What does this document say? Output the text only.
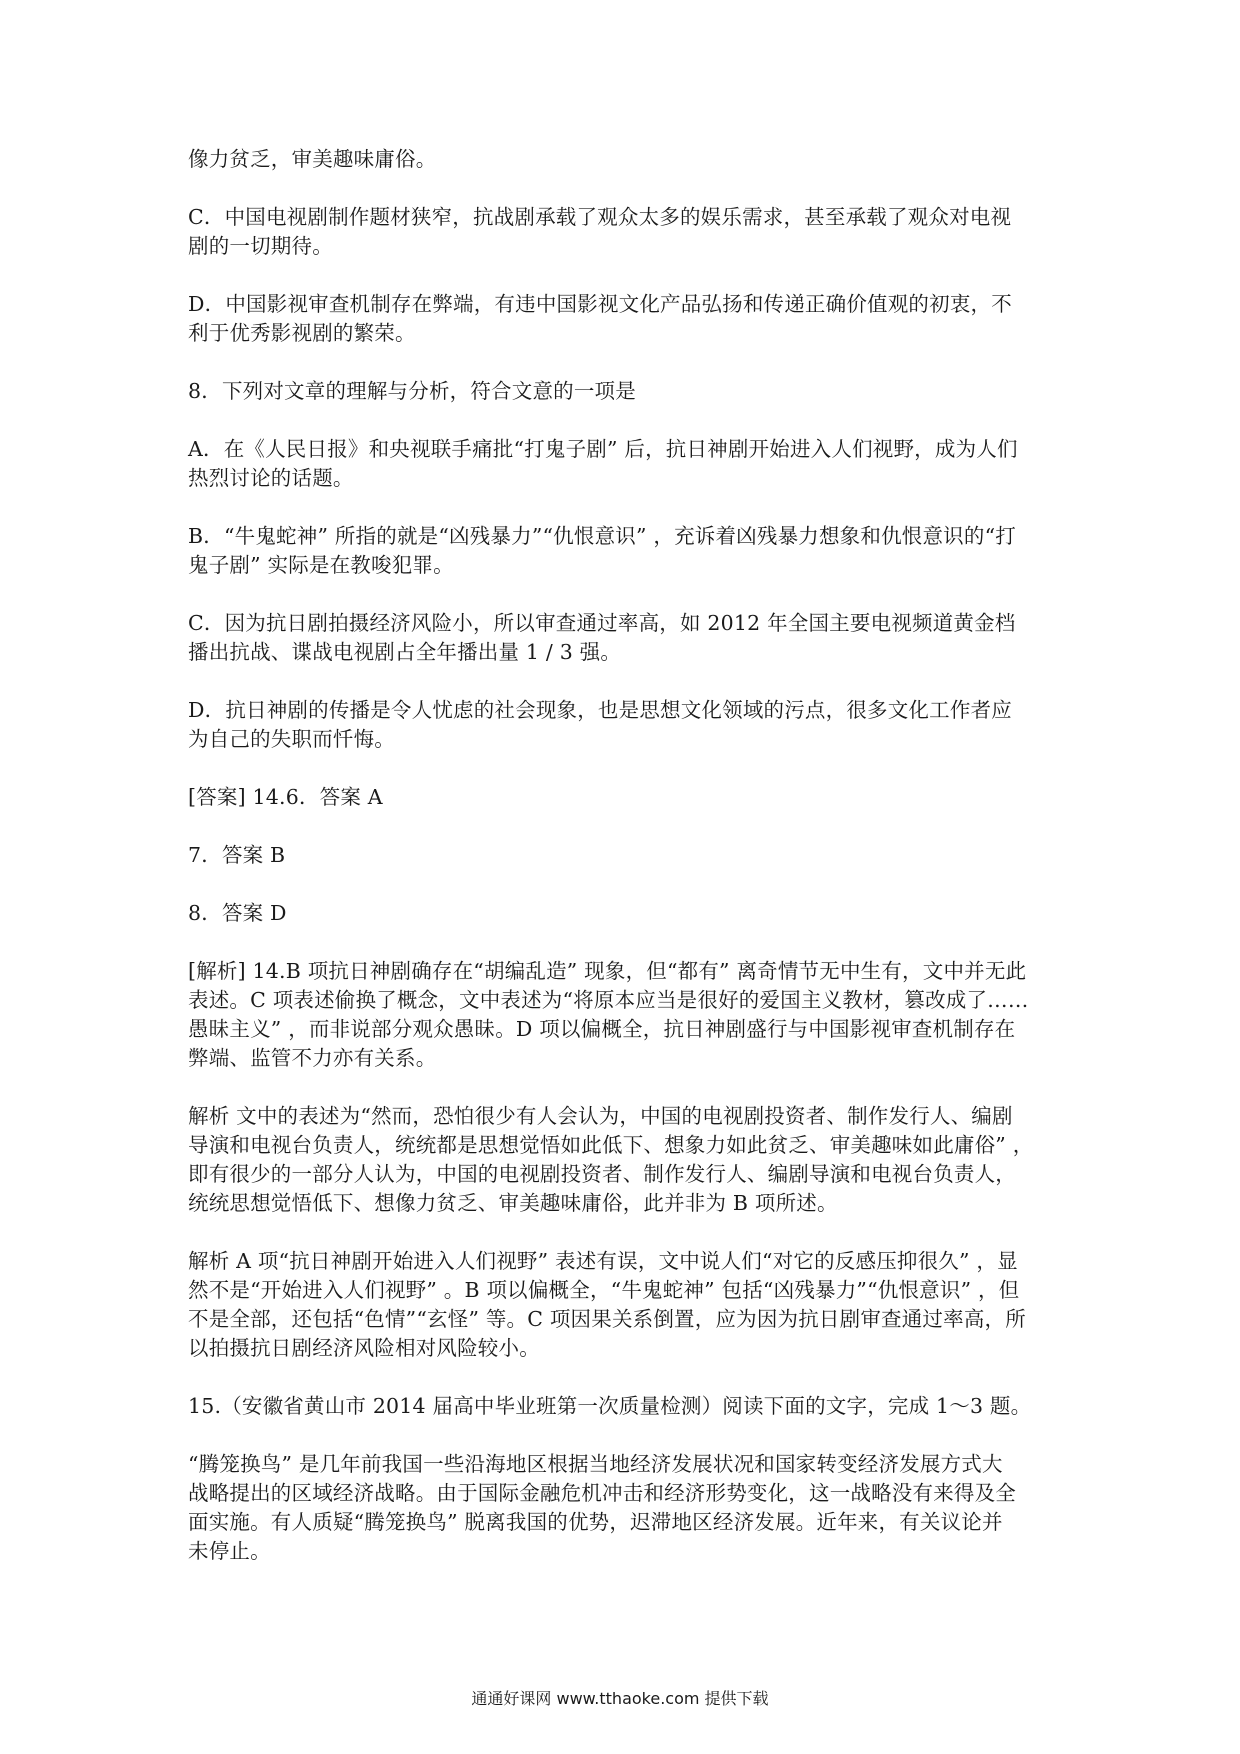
像力贫乏，审美趣味庸俗。
C．中国电视剧制作题材狭窄，抗战剧承载了观众太多的娱乐需求，甚至承载了观众对电视
剧的一切期待。
D．中国影视审查机制存在弊端，有违中国影视文化产品弘扬和传递正确价值观的初衷，不
利于优秀影视剧的繁荣。
8．下列对文章的理解与分析，符合文意的一项是
A．在《人民日报》和央视联手痛批“打鬼子剧” 后，抗日神剧开始进入人们视野，成为人们
热烈讨论的话题。
B．“牛鬼蛇神” 所指的就是“凶残暴力”“仇恨意识” ，充诉着凶残暴力想象和仇恨意识的“打
鬼子剧” 实际是在教唆犯罪。
C．因为抗日剧拍摄经济风险小，所以审查通过率高，如 2012 年全国主要电视频道黄金档
播出抗战、谍战电视剧占全年播出量 1 / 3 强。
D．抗日神剧的传播是令人忧虑的社会现象，也是思想文化领域的污点，很多文化工作者应
为自己的失职而忏悔。
[答案] 14.6．答案 A
7．答案 B
8．答案 D
[解析] 14.B 项抗日神剧确存在“胡编乱造” 现象，但“都有” 离奇情节无中生有，文中并无此
表述。C 项表述偷换了概念，文中表述为“将原本应当是很好的爱国主义教材，篡改成了……
愚昧主义” ，而非说部分观众愚昧。D 项以偏概全，抗日神剧盛行与中国影视审查机制存在
弊端、监管不力亦有关系。
解析 文中的表述为“然而，恐怕很少有人会认为，中国的电视剧投资者、制作发行人、编剧
导演和电视台负责人，统统都是思想觉悟如此低下、想象力如此贫乏、审美趣味如此庸俗” ，
即有很少的一部分人认为，中国的电视剧投资者、制作发行人、编剧导演和电视台负责人，
统统思想觉悟低下、想像力贫乏、审美趣味庸俗，此并非为 B 项所述。
解析 A 项“抗日神剧开始进入人们视野” 表述有误，文中说人们“对它的反感压抑很久” ，显
然不是“开始进入人们视野” 。B 项以偏概全，“牛鬼蛇神” 包括“凶残暴力”“仇恨意识” ，但
不是全部，还包括“色情”“玄怪” 等。C 项因果关系倒置，应为因为抗日剧审查通过率高，所
以拍摄抗日剧经济风险相对风险较小。
15.（安徽省黄山市 2014 届高中毕业班第一次质量检测）阅读下面的文字，完成 1～3 题。
“腾笼换鸟” 是几年前我国一些沿海地区根据当地经济发展状况和国家转变经济发展方式大
战略提出的区域经济战略。由于国际金融危机冲击和经济形势变化，这一战略没有来得及全
面实施。有人质疑“腾笼换鸟” 脱离我国的优势，迟滞地区经济发展。近年来，有关议论并
未停止。
通通好课网 www.tthaoke.com 提供下载
